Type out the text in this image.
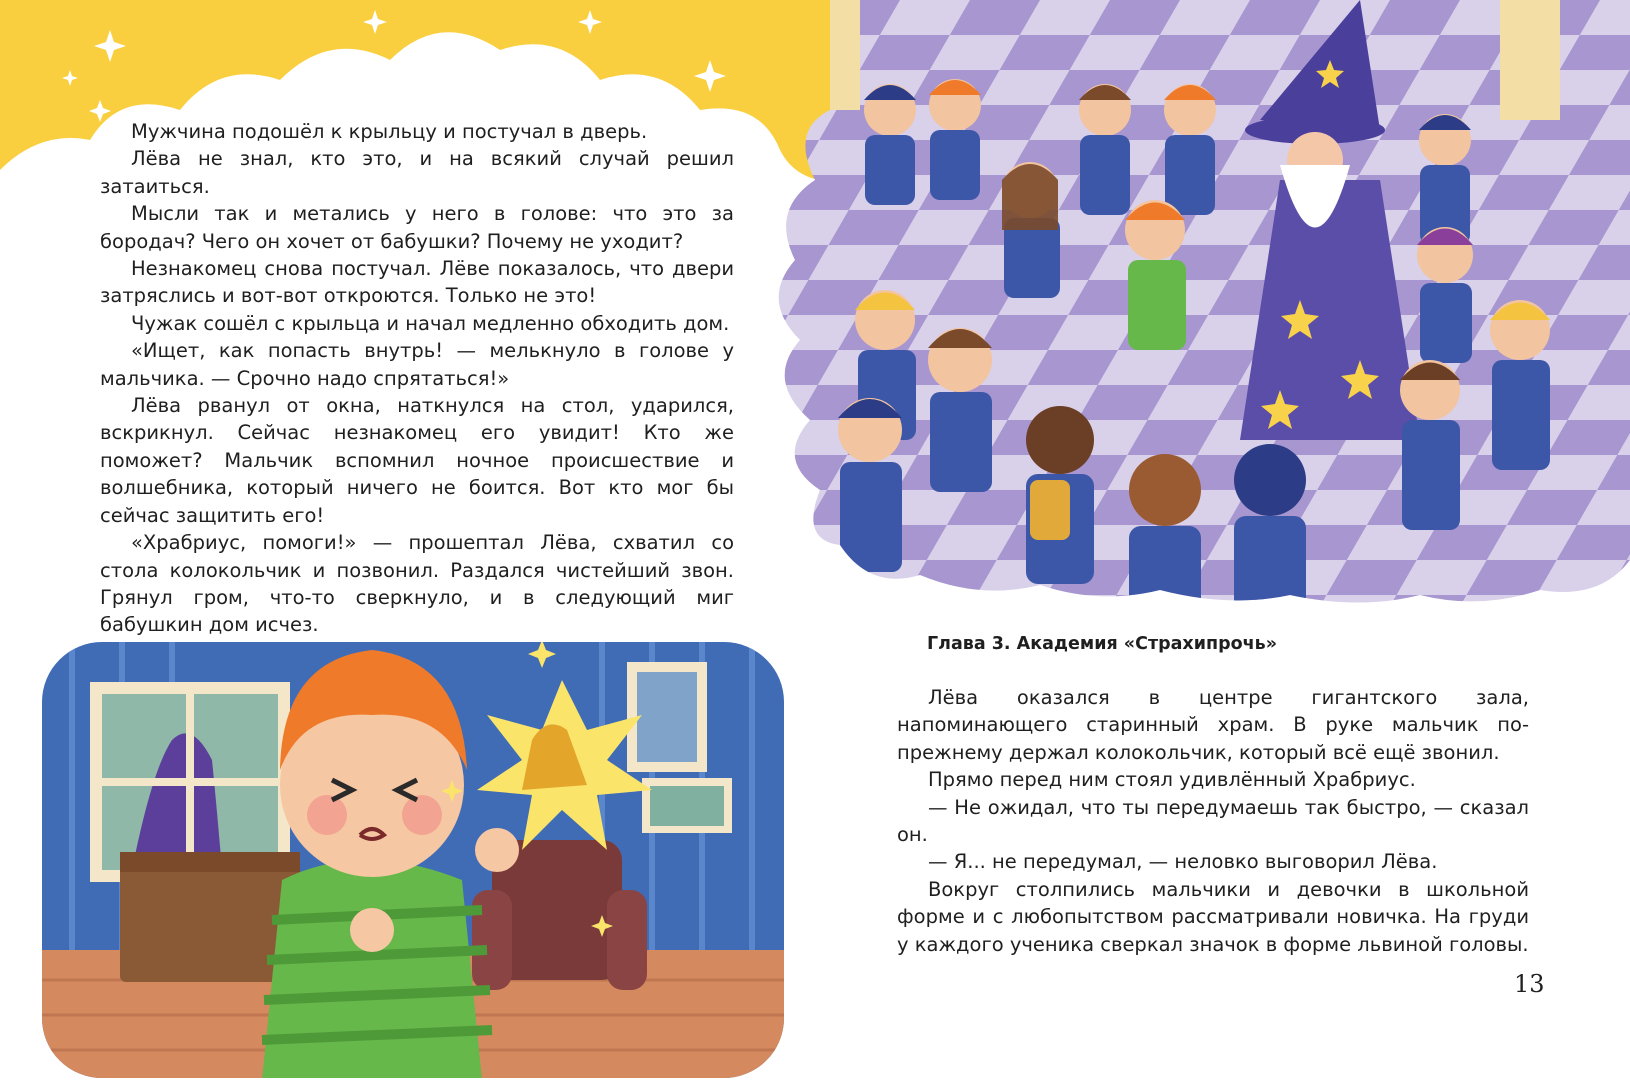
Мужчина подошёл к крыльцу и постучал в дверь.

Лёва не знал, кто это, и на всякий случай решил затаиться.

Мысли так и метались у него в голове: что это за бородач? Чего он хочет от бабушки? Почему не уходит?

Незнакомец снова постучал. Лёве показалось, что двери затряслись и вот-вот откроются. Только не это!

Чужак сошёл с крыльца и начал медленно обходить дом.

«Ищет, как попасть внутрь! — мелькнуло в голове у мальчика. — Срочно надо спрятаться!»

Лёва рванул от окна, наткнулся на стол, ударился, вскрикнул. Сейчас незнакомец его увидит! Кто же поможет? Мальчик вспомнил ночное происшествие и волшебника, который ничего не боится. Вот кто мог бы сейчас защитить его!

«Храбриус, помоги!» — прошептал Лёва, схватил со стола колокольчик и позвонил. Раздался чистейший звон. Грянул гром, что-то сверкнуло, и в следующий миг бабушкин дом исчез.

Глава 3. Академия «Страхипрочь»

Лёва оказался в центре гигантского зала, напоминающего старинный храм. В руке мальчик по-прежнему держал колокольчик, который всё ещё звонил.

Прямо перед ним стоял удивлённый Храбриус.

— Не ожидал, что ты передумаешь так быстро, — сказал он.

— Я... не передумал, — неловко выговорил Лёва.

Вокруг столпились мальчики и девочки в школьной форме и с любопытством рассматривали новичка. На груди у каждого ученика сверкал значок в форме львиной головы.

13
